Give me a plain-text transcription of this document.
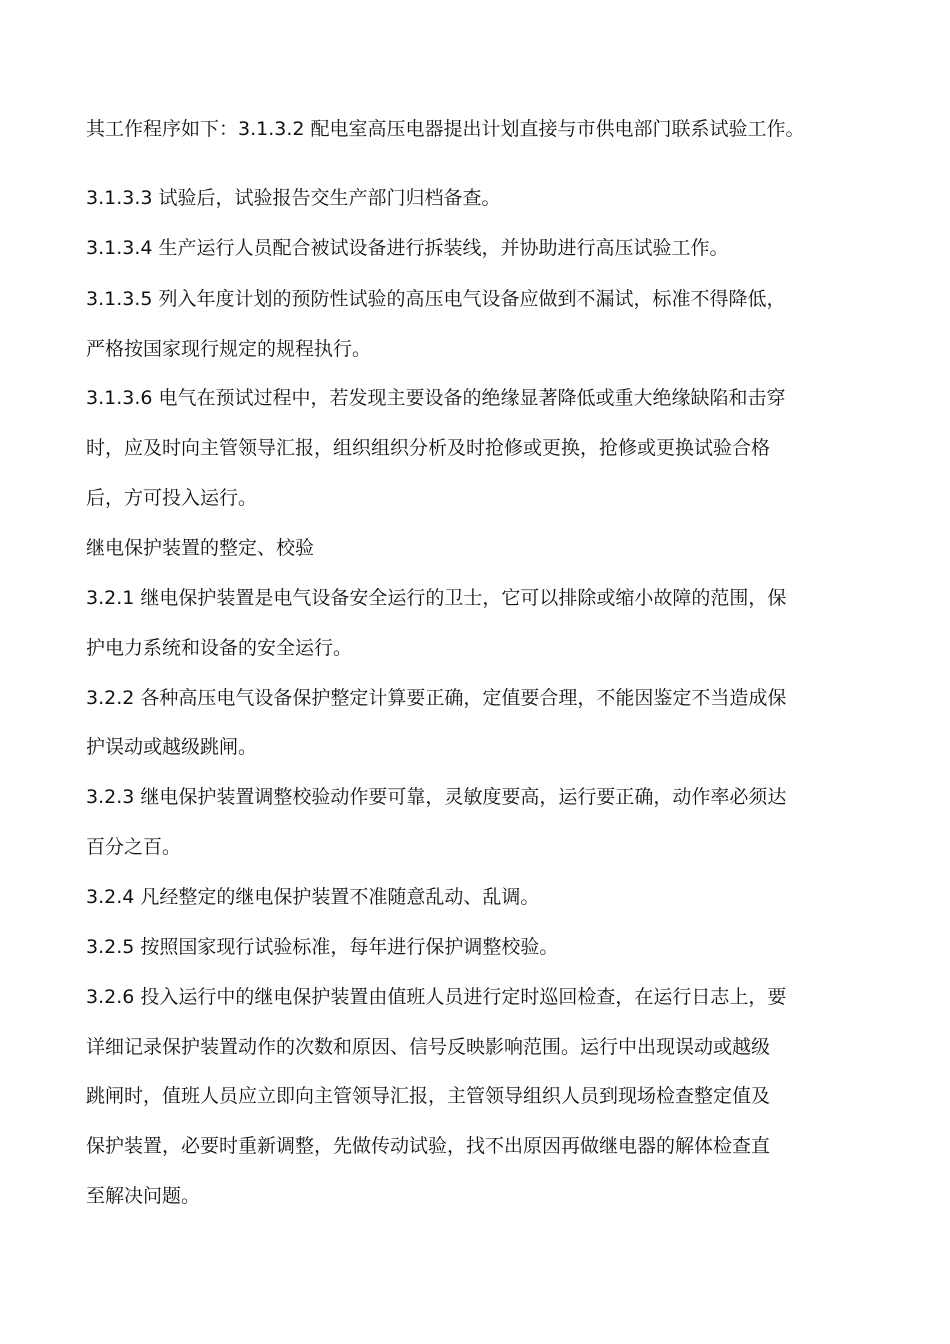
其工作程序如下：3.1.3.2 配电室高压电器提出计划直接与市供电部门联系试验工作。
3.1.3.3 试验后，试验报告交生产部门归档备查。
3.1.3.4 生产运行人员配合被试设备进行拆装线，并协助进行高压试验工作。
3.1.3.5 列入年度计划的预防性试验的高压电气设备应做到不漏试，标准不得降低，
严格按国家现行规定的规程执行。
3.1.3.6 电气在预试过程中，若发现主要设备的绝缘显著降低或重大绝缘缺陷和击穿
时，应及时向主管领导汇报，组织组织分析及时抢修或更换，抢修或更换试验合格
后，方可投入运行。
继电保护装置的整定、校验
3.2.1 继电保护装置是电气设备安全运行的卫士，它可以排除或缩小故障的范围，保
护电力系统和设备的安全运行。
3.2.2 各种高压电气设备保护整定计算要正确，定值要合理，不能因鉴定不当造成保
护误动或越级跳闸。
3.2.3 继电保护装置调整校验动作要可靠，灵敏度要高，运行要正确，动作率必须达
百分之百。
3.2.4 凡经整定的继电保护装置不准随意乱动、乱调。
3.2.5 按照国家现行试验标准，每年进行保护调整校验。
3.2.6 投入运行中的继电保护装置由值班人员进行定时巡回检查，在运行日志上，要
详细记录保护装置动作的次数和原因、信号反映影响范围。运行中出现误动或越级
跳闸时，值班人员应立即向主管领导汇报，主管领导组织人员到现场检查整定值及
保护装置，必要时重新调整，先做传动试验，找不出原因再做继电器的解体检查直
至解决问题。
